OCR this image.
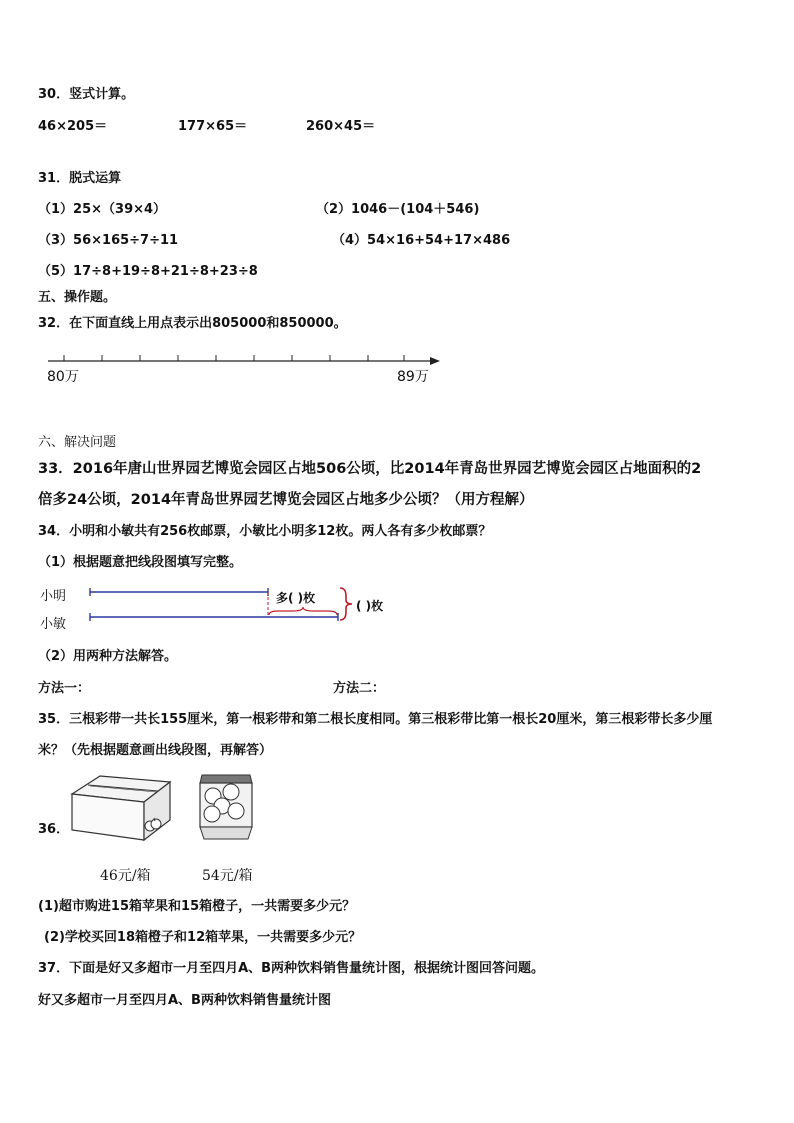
30．竖式计算。
46×205＝	177×65＝	260×45＝
31．脱式运算
（1）25×（39×4）	（2）1046－(104＋546)
（3）56×165÷7÷11	（4）54×16+54+17×486
（5）17÷8+19÷8+21÷8+23÷8
五、操作题。
32．在下面直线上用点表示出805000和850000。
80万	89万
六、解决问题
33．2016年唐山世界园艺博览会园区占地506公顷，比2014年青岛世界园艺博览会园区占地面积的2
倍多24公顷，2014年青岛世界园艺博览会园区占地多少公顷？（用方程解）
34．小明和小敏共有256枚邮票，小敏比小明多12枚。两人各有多少枚邮票？
（1）根据题意把线段图填写完整。
小明
小敏
多( )枚
( )枚
（2）用两种方法解答。
方法一：	方法二：
35．三根彩带一共长155厘米，第一根彩带和第二根长度相同。第三根彩带比第一根长20厘米，第三根彩带长多少厘
米？（先根据题意画出线段图，再解答）
36．
46元/箱	54元/箱
(1)超市购进15箱苹果和15箱橙子，一共需要多少元？
(2)学校买回18箱橙子和12箱苹果，一共需要多少元？
37．下面是好又多超市一月至四月A、B两种饮料销售量统计图，根据统计图回答问题。
好又多超市一月至四月A、B两种饮料销售量统计图
